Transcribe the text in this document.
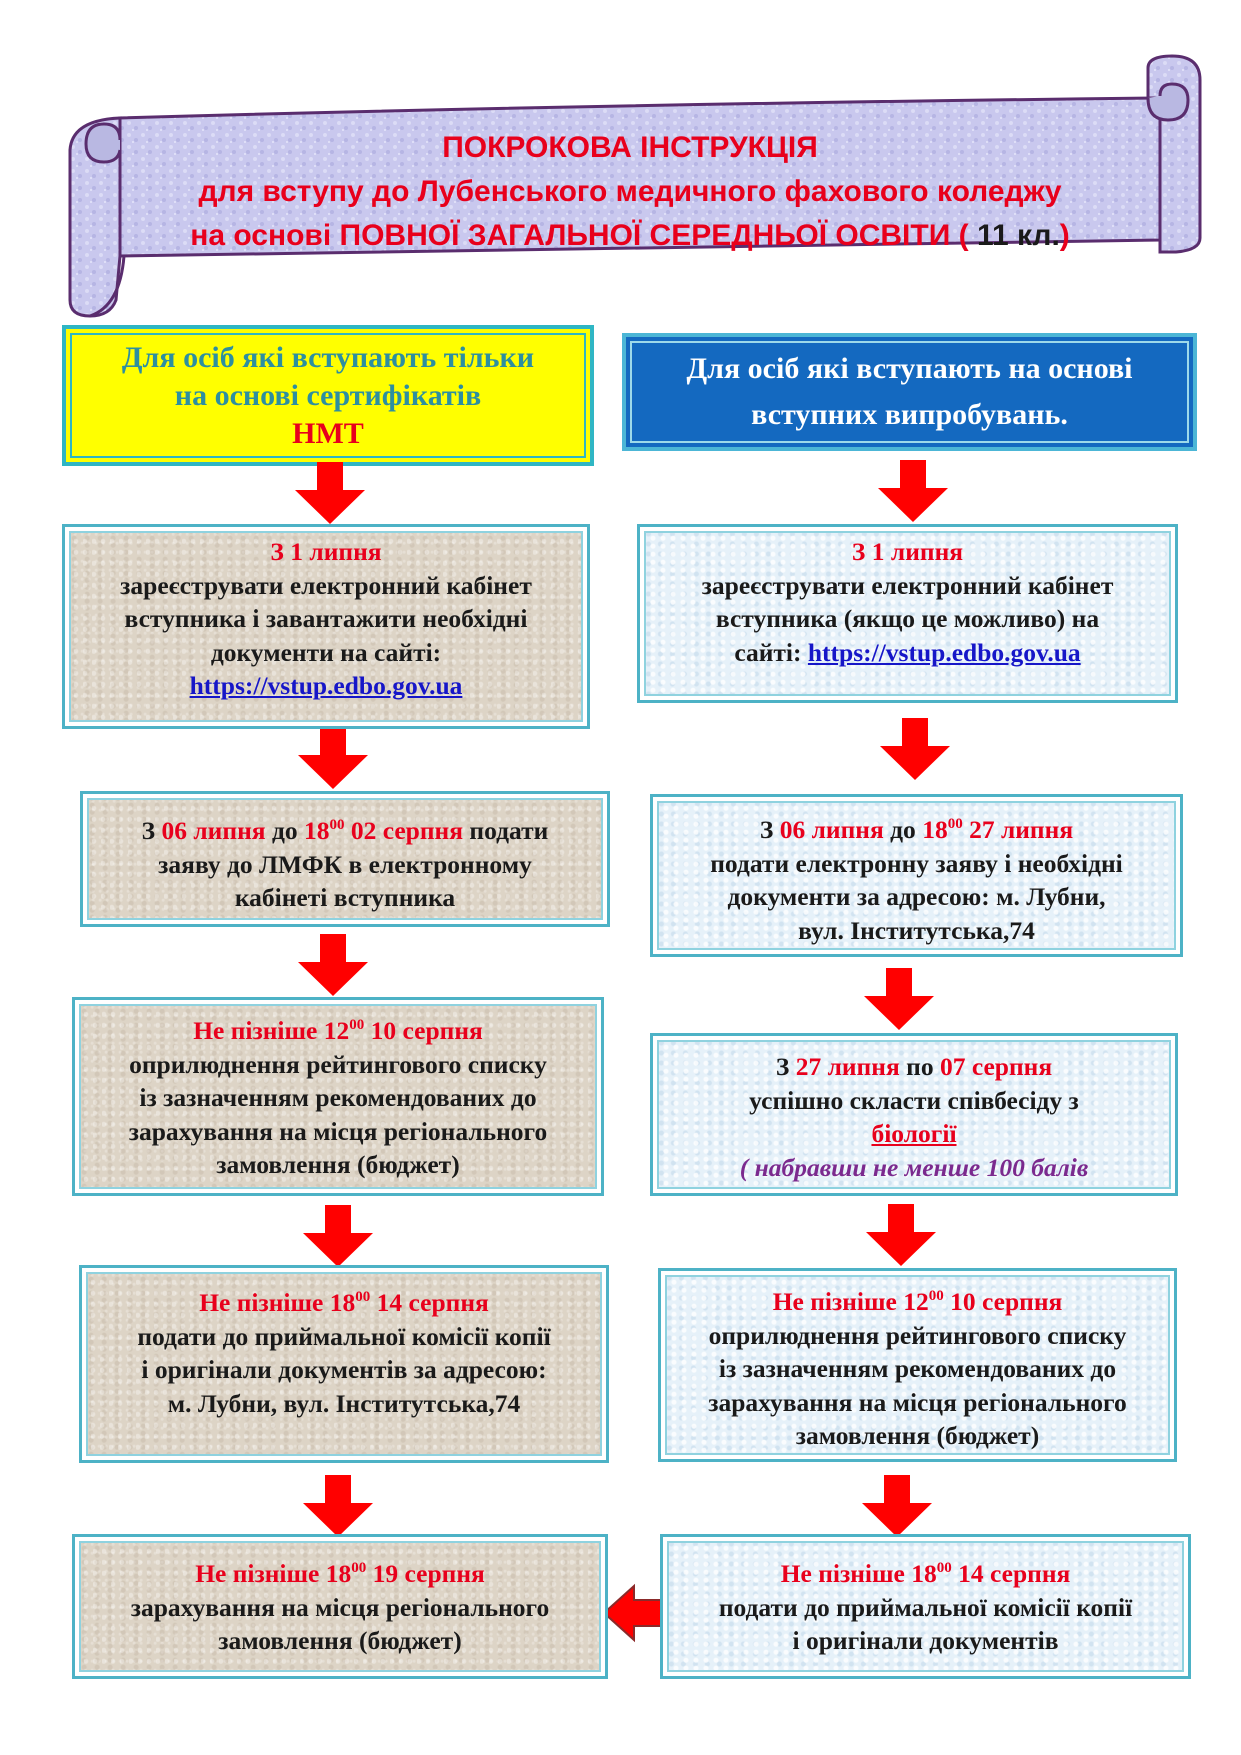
ПОКРОКОВА ІНСТРУКЦІЯ
для вступу до Лубенського медичного фахового коледжу
на основі ПОВНОЇ ЗАГАЛЬНОЇ СЕРЕДНЬОЇ ОСВІТИ ( 11 кл.)
Для осіб які вступають тільки
на основі сертифікатів
НМТ
Для осіб які вступають на основі
вступних випробувань.
З 1 липня
зареєструвати електронний кабінет
вступника і завантажити необхідні
документи на сайті:
https://vstup.edbo.gov.ua
З 06 липня до $18^{00}$ 02 серпня подати
заяву до ЛМФК в електронному
кабінеті вступника
Не пізніше $12^{00}$ 10 серпня
оприлюднення рейтингового списку
із зазначенням рекомендованих до
зарахування на місця регіонального
замовлення (бюджет)
Не пізніше $18^{00}$ 14 серпня
подати до приймальної комісії копії
і оригінали документів за адресою:
м. Лубни, вул. Інститутська,74
Не пізніше $18^{00}$ 19 серпня
зарахування на місця регіонального
замовлення (бюджет)
З 1 липня
зареєструвати електронний кабінет
вступника (якщо це можливо) на
сайті: https://vstup.edbo.gov.ua
З 06 липня до $18^{00}$ 27 липня
подати електронну заяву і необхідні
документи за адресою: м. Лубни,
вул. Інститутська,74
З 27 липня по 07 серпня
успішно скласти співбесіду з
біології
( набравши не менше 100 балів
Не пізніше $12^{00}$ 10 серпня
оприлюднення рейтингового списку
із зазначенням рекомендованих до
зарахування на місця регіонального
замовлення (бюджет)
Не пізніше $18^{00}$ 14 серпня
подати до приймальної комісії копії
і оригінали документів
